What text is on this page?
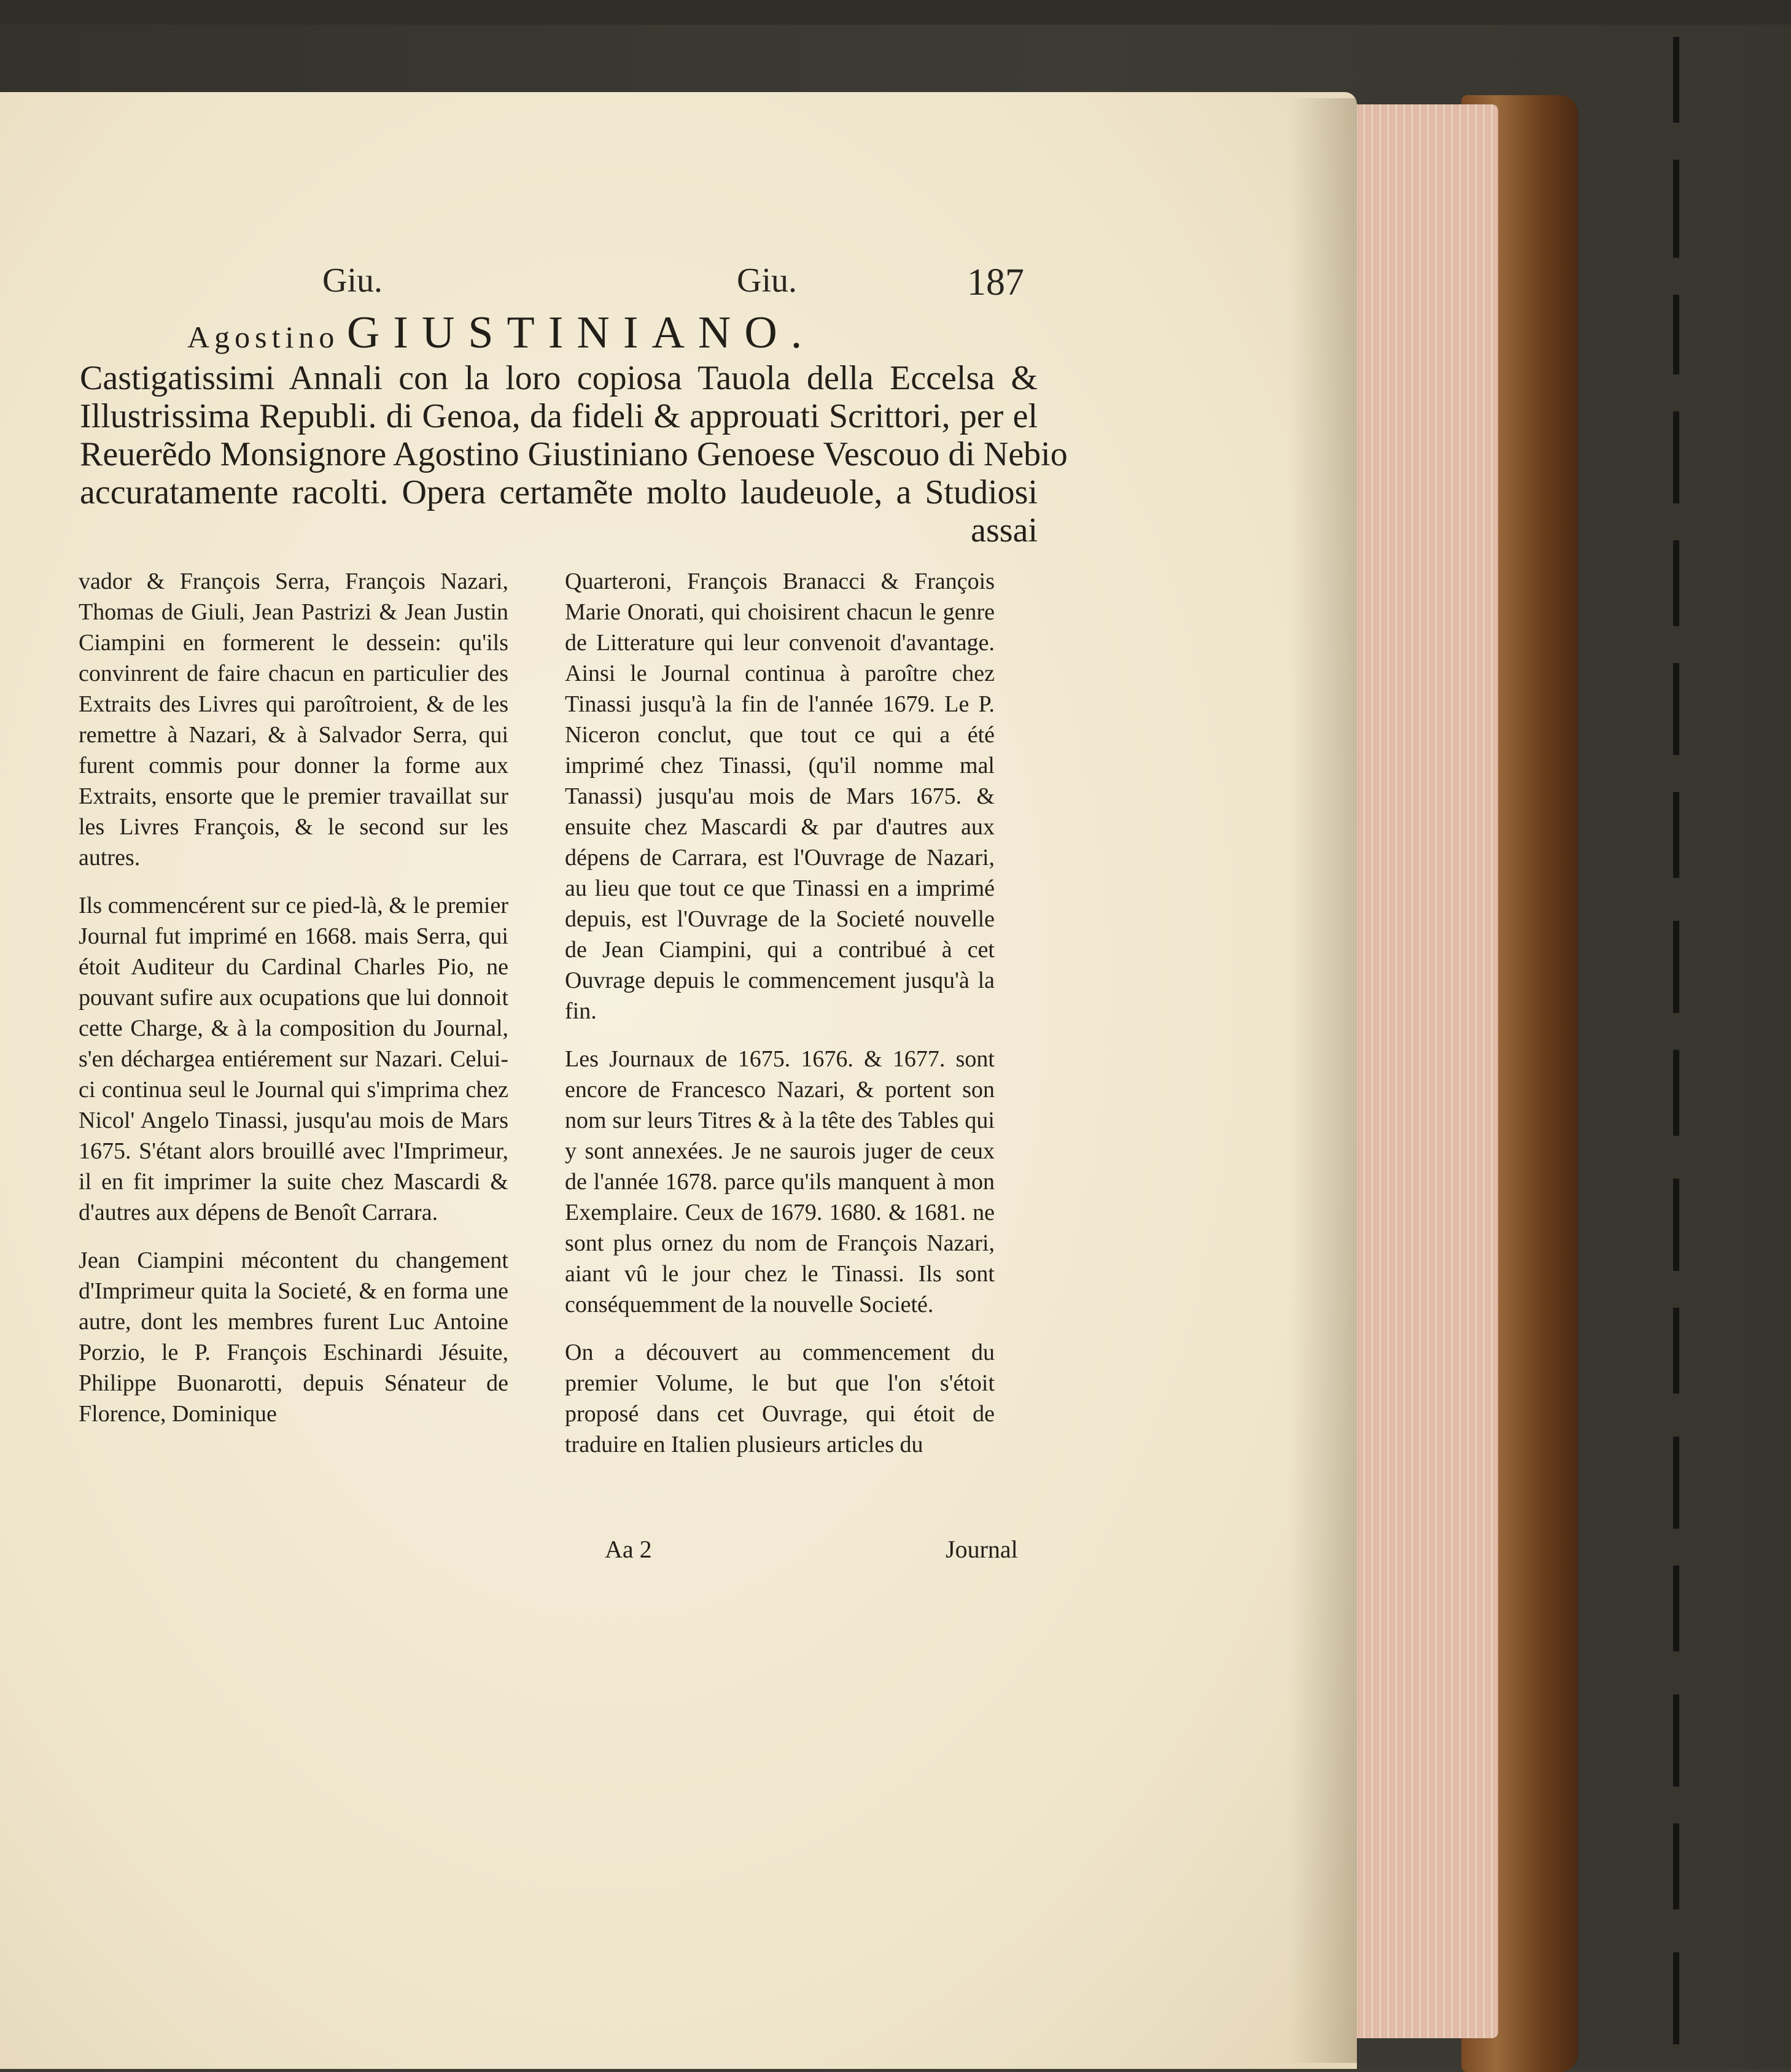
Giu.	Giu.	187
Agostino GIUSTINIANO.
Castigatissimi Annali con la loro copiosa Tauola della Eccelsa &
Illustrissima Republi. di Genoa, da fideli & approuati Scrittori, per el
Reuerẽdo Monsignore Agostino Giustiniano Genoese Vescouo di Nebio
accuratamente racolti. Opera certamẽte molto laudeuole, a Studiosi
assai

vador & François Serra, François Nazari, Thomas de Giuli, Jean Pastrizi & Jean Justin Ciampini en formerent le dessein: qu'ils convinrent de faire chacun en particulier des Extraits des Livres qui paroîtroient, & de les remettre à Nazari, & à Salvador Serra, qui furent commis pour donner la forme aux Extraits, ensorte que le premier travaillat sur les Livres François, & le second sur les autres.

Ils commencérent sur ce pied-là, & le premier Journal fut imprimé en 1668. mais Serra, qui étoit Auditeur du Cardinal Charles Pio, ne pouvant sufire aux ocupations que lui donnoit cette Charge, & à la composition du Journal, s'en déchargea entiérement sur Nazari. Celui-ci continua seul le Journal qui s'imprima chez Nicol' Angelo Tinassi, jusqu'au mois de Mars 1675. S'étant alors brouillé avec l'Imprimeur, il en fit imprimer la suite chez Mascardi & d'autres aux dépens de Benoît Carrara.

Jean Ciampini mécontent du changement d'Imprimeur quita la Societé, & en forma une autre, dont les membres furent Luc Antoine Porzio, le P. François Eschinardi Jésuite, Philippe Buonarotti, depuis Sénateur de Florence, Dominique

Quarteroni, François Branacci & François Marie Onorati, qui choisirent chacun le genre de Litterature qui leur convenoit d'avantage. Ainsi le Journal continua à paroître chez Tinassi jusqu'à la fin de l'année 1679. Le P. Niceron conclut, que tout ce qui a été imprimé chez Tinassi, (qu'il nomme mal Tanassi) jusqu'au mois de Mars 1675. & ensuite chez Mascardi & par d'autres aux dépens de Carrara, est l'Ouvrage de Nazari, au lieu que tout ce que Tinassi en a imprimé depuis, est l'Ouvrage de la Societé nouvelle de Jean Ciampini, qui a contribué à cet Ouvrage depuis le commencement jusqu'à la fin.

Les Journaux de 1675. 1676. & 1677. sont encore de Francesco Nazari, & portent son nom sur leurs Titres & à la tête des Tables qui y sont annexées. Je ne saurois juger de ceux de l'année 1678. parce qu'ils manquent à mon Exemplaire. Ceux de 1679. 1680. & 1681. ne sont plus ornez du nom de François Nazari, aiant vû le jour chez le Tinassi. Ils sont conséquemment de la nouvelle Societé.

On a découvert au commencement du premier Volume, le but que l'on s'étoit proposé dans cet Ouvrage, qui étoit de traduire en Italien plusieurs articles du

Aa 2	Journal
